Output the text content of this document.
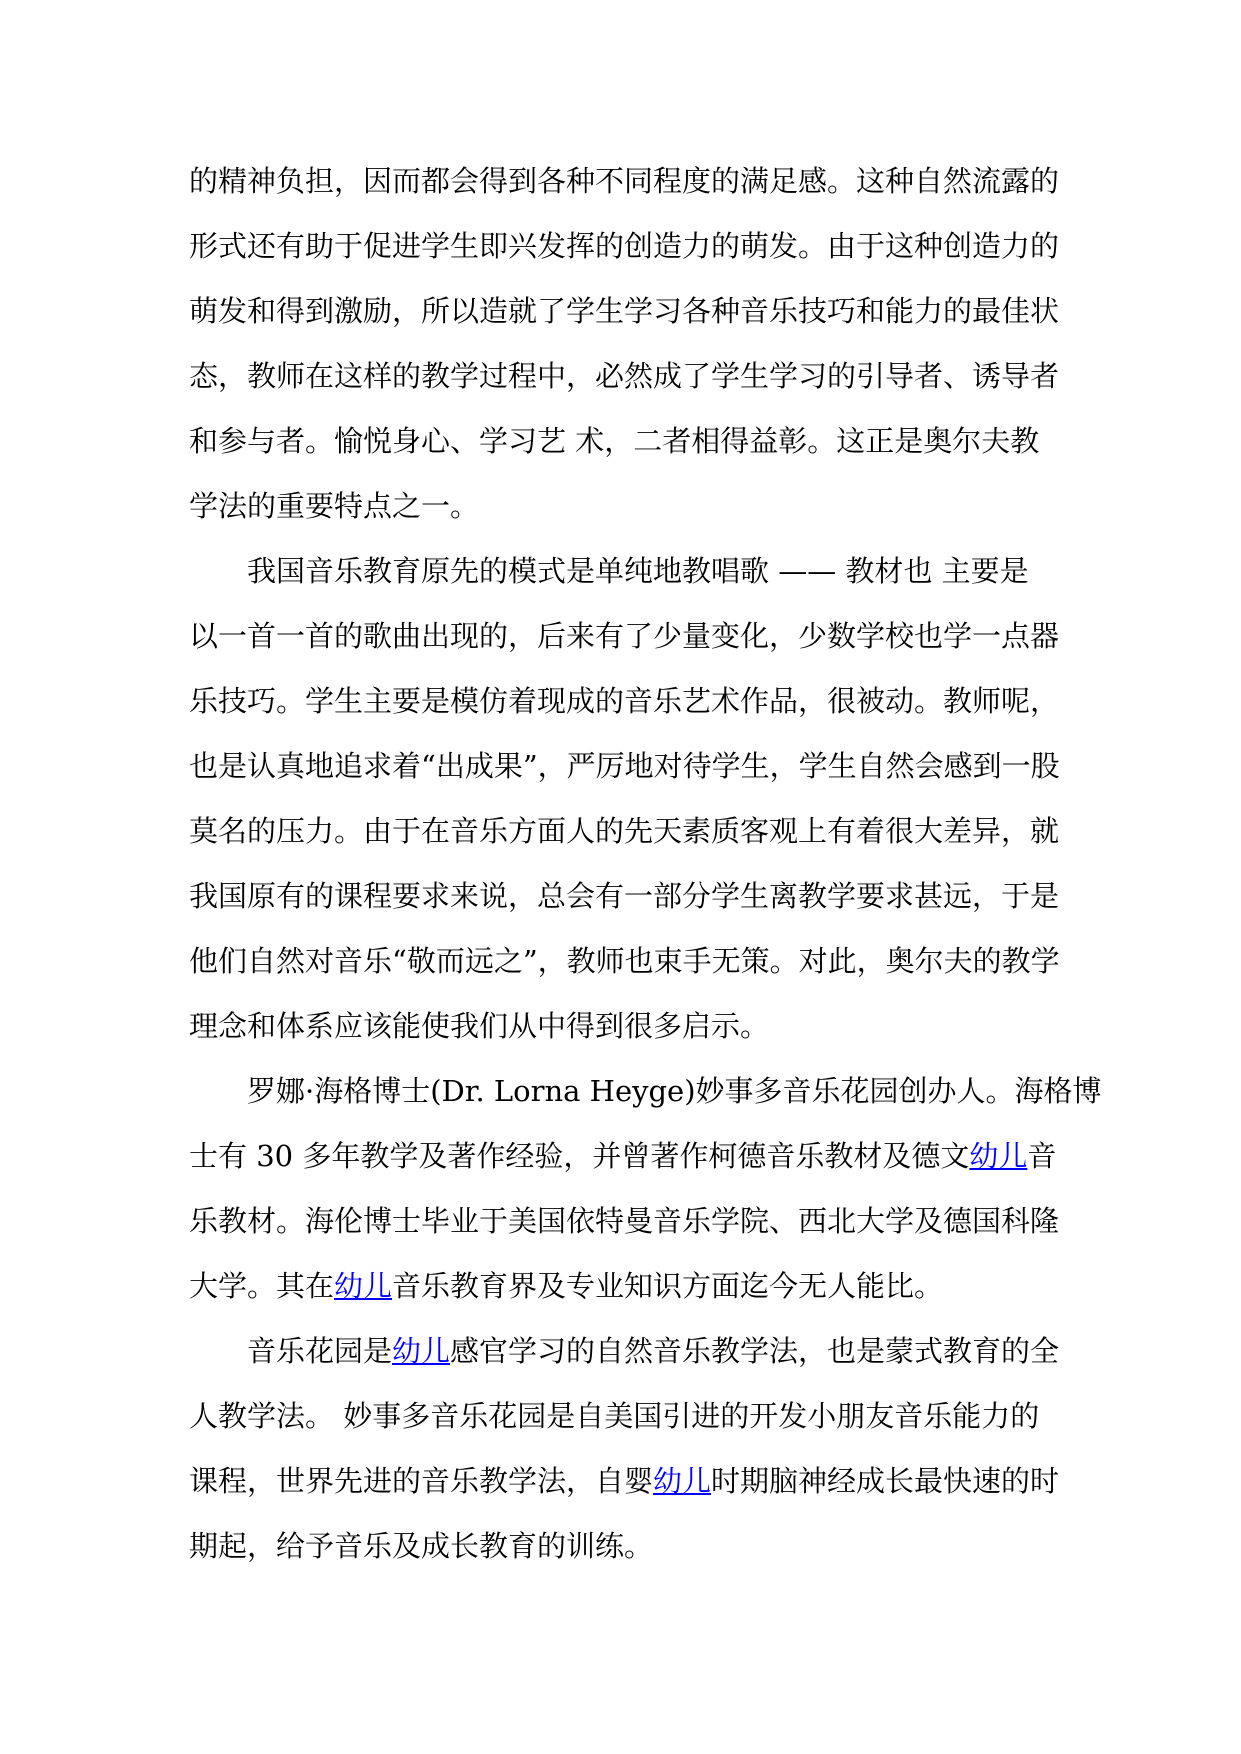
的精神负担，因而都会得到各种不同程度的满足感。这种自然流露的
形式还有助于促进学生即兴发挥的创造力的萌发。由于这种创造力的
萌发和得到激励，所以造就了学生学习各种音乐技巧和能力的最佳状
态，教师在这样的教学过程中，必然成了学生学习的引导者、诱导者
和参与者。愉悦身心、学习艺 术，二者相得益彰。这正是奥尔夫教
学法的重要特点之一。
我国音乐教育原先的模式是单纯地教唱歌 —— 教材也 主要是
以一首一首的歌曲出现的，后来有了少量变化，少数学校也学一点器
乐技巧。学生主要是模仿着现成的音乐艺术作品，很被动。教师呢，
也是认真地追求着“出成果”，严厉地对待学生，学生自然会感到一股
莫名的压力。由于在音乐方面人的先天素质客观上有着很大差异，就
我国原有的课程要求来说，总会有一部分学生离教学要求甚远，于是
他们自然对音乐“敬而远之”，教师也束手无策。对此，奥尔夫的教学
理念和体系应该能使我们从中得到很多启示。
罗娜·海格博士(Dr. Lorna Heyge)妙事多音乐花园创办人。海格博
士有 30 多年教学及著作经验，并曾著作柯德音乐教材及德文幼儿音
乐教材。海伦博士毕业于美国依特曼音乐学院、西北大学及德国科隆
大学。其在幼儿音乐教育界及专业知识方面迄今无人能比。
音乐花园是幼儿感官学习的自然音乐教学法，也是蒙式教育的全
人教学法。 妙事多音乐花园是自美国引进的开发小朋友音乐能力的
课程，世界先进的音乐教学法，自婴幼儿时期脑神经成长最快速的时
期起，给予音乐及成长教育的训练。
